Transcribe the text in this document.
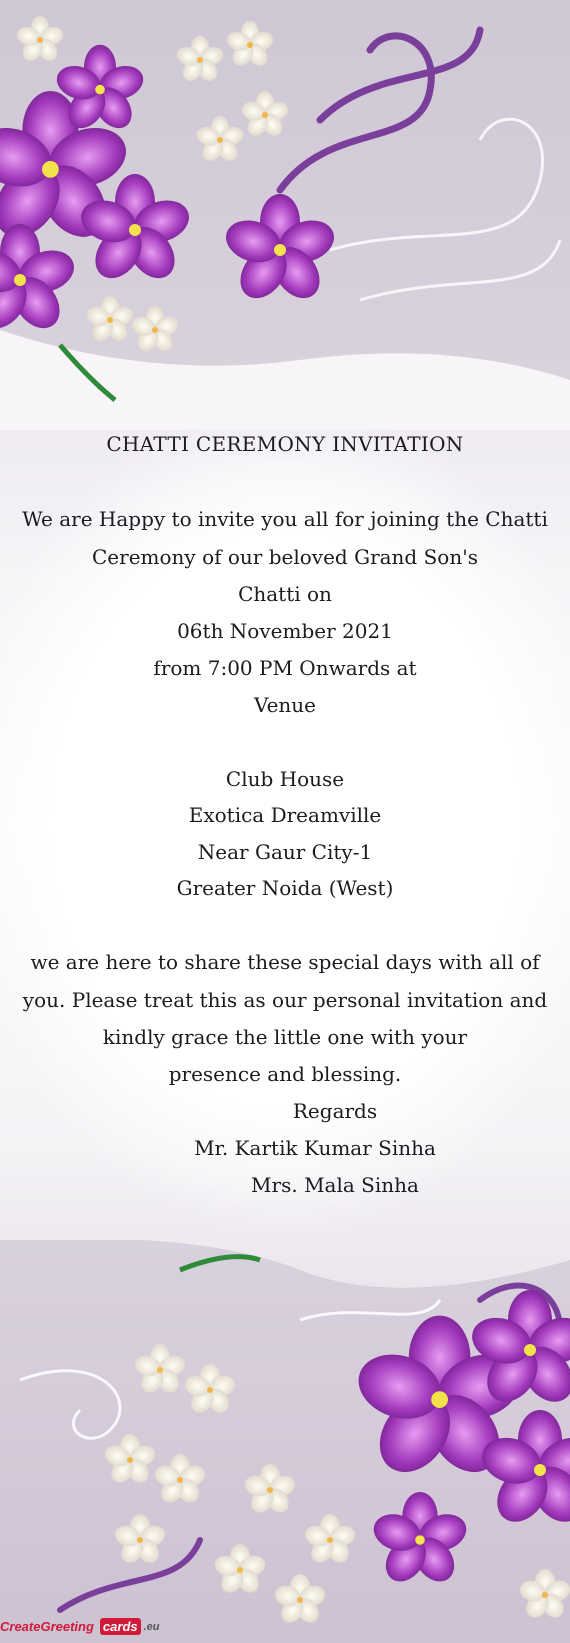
CHATTI CEREMONY INVITATION
We are Happy to invite you all for joining the Chatti
Ceremony of our beloved Grand Son's
Chatti on
06th November 2021
from 7:00 PM Onwards at
Venue
Club House
Exotica Dreamville
Near Gaur City-1
Greater Noida (West)
we are here to share these special days with all of
you. Please treat this as our personal invitation and
kindly grace the little one with your
presence and blessing.
Regards
Mr. Kartik Kumar Sinha
Mrs. Mala Sinha
CreateGreeting cards .eu
